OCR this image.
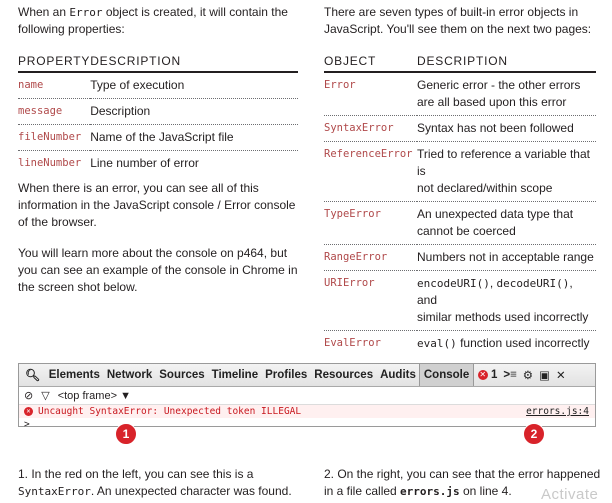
When an Error object is created, it will contain the
following properties:

There are seven types of built-in error objects in
JavaScript. You'll see them on the next two pages:

PROPERTY	DESCRIPTION
name	Type of execution
message	Description
fileNumber	Name of the JavaScript file
lineNumber	Line number of error

When there is an error, you can see all of this
information in the JavaScript console / Error console
of the browser.

You will learn more about the console on p464, but
you can see an example of the console in Chrome in
the screen shot below.

OBJECT	DESCRIPTION
Error	Generic error - the other errors
are all based upon this error
SyntaxError	Syntax has not been followed
ReferenceError	Tried to reference a variable that is
not declared/within scope
TypeError	An unexpected data type that
cannot be coerced
RangeError	Numbers not in acceptable range
URIError	encodeURI(), decodeURI(), and
similar methods used incorrectly
EvalError	eval() function used incorrectly
🔍︎ Elements Network Sources Timeline Profiles Resources Audits Console	✕ 1 >≡ ⚙ ▣ ✕
⊘ ▽ <top frame> ▼
✕ Uncaught SyntaxError: Unexpected token ILLEGAL	errors.js:4
>
1	2

1. In the red on the left, you can see this is a
SyntaxError. An unexpected character was found.

2. On the right, you can see that the error happened
in a file called errors.js on line 4.	Activate
